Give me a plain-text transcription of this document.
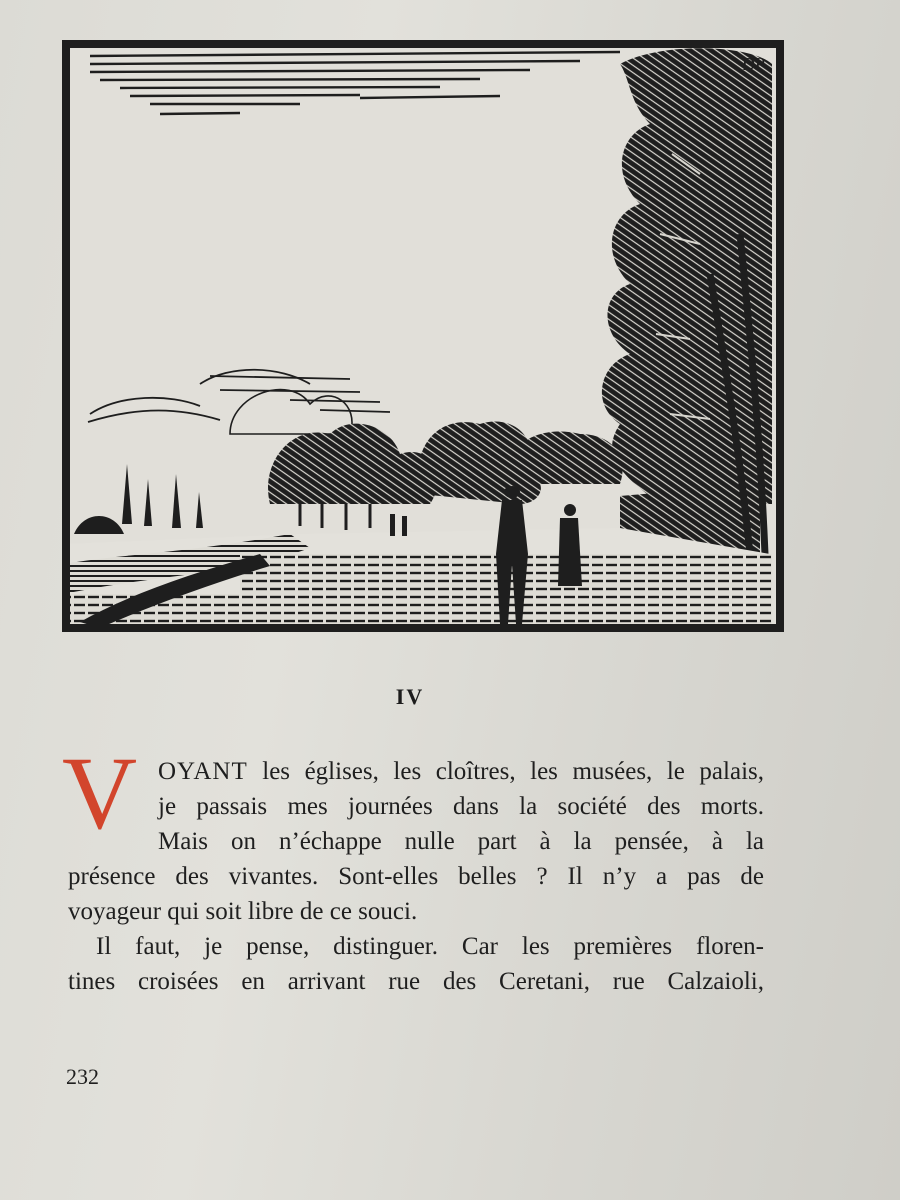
DP
IV
V OYANT les églises, les cloîtres, les musées, le palais,
je passais mes journées dans la société des morts.
Mais on n’échappe nulle part à la pensée, à la
présence des vivantes. Sont-elles belles ? Il n’y a pas de
voyageur qui soit libre de ce souci.
Il faut, je pense, distinguer. Car les premières floren-
tines croisées en arrivant rue des Ceretani, rue Calzaioli,
232
